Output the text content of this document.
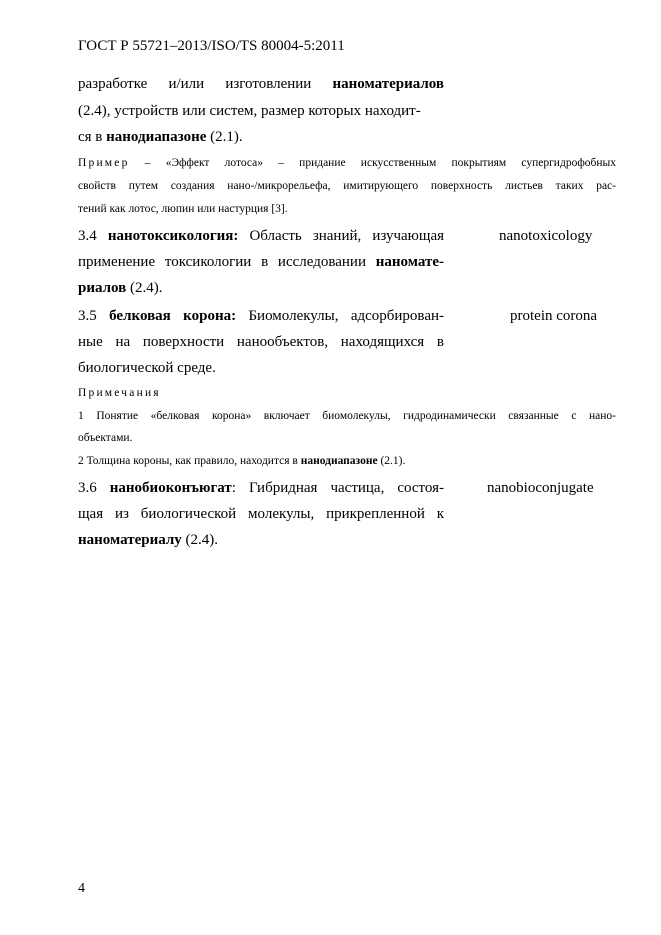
ГОСТ Р 55721–2013/ISO/TS 80004-5:2011
разработке и/или изготовлении наноматериалов
(2.4), устройств или систем, размер которых находит-
ся в нанодиапазоне (2.1).
Пример – «Эффект лотоса» – придание искусственным покрытиям супергидрофобных
свойств путем создания нано-/микрорельефа, имитирующего поверхность листьев таких рас-
тений как лотос, люпин или настурция [3].
3.4 нанотоксикология: Область знаний, изучающая
применение токсикологии в исследовании наномате-
риалов (2.4).
nanotoxicology
3.5 белковая корона: Биомолекулы, адсорбирован-
ные на поверхности нанообъектов, находящихся в
биологической среде.
protein corona
Примечания
1 Понятие «белковая корона» включает биомолекулы, гидродинамически связанные с нано-
объектами.
2 Толщина короны, как правило, находится в нанодиапазоне (2.1).
3.6 нанобиоконъюгат: Гибридная частица, состоя-
щая из биологической молекулы, прикрепленной к
наноматериалу (2.4).
nanobioconjugate
4
